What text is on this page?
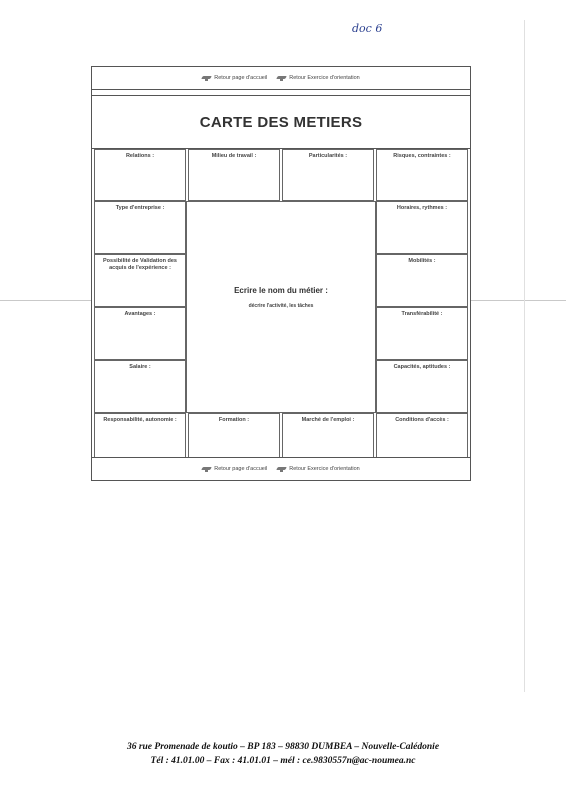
doc 6
Retour page d'accueil	Retour Exercice d'orientation
CARTE DES METIERS
Relations :	Milieu de travail :	Particularités :	Risques, contraintes :
Type d'entreprise :
Possibilité de Validation des acquis de l'expérience :
Avantages :
Salaire :
Responsabilité, autonomie :
Ecrire le nom du métier :
décrire l'activité, les tâches
Formation :	Marché de l'emploi :
Horaires, rythmes :
Mobilités :
Transférabilité :
Capacités, aptitudes :
Conditions d'accès :
Retour page d'accueil	Retour Exercice d'orientation
36 rue Promenade de koutio – BP 183 – 98830 DUMBEA – Nouvelle-Calédonie
Tél : 41.01.00 – Fax : 41.01.01 – mél : ce.9830557n@ac-noumea.nc
